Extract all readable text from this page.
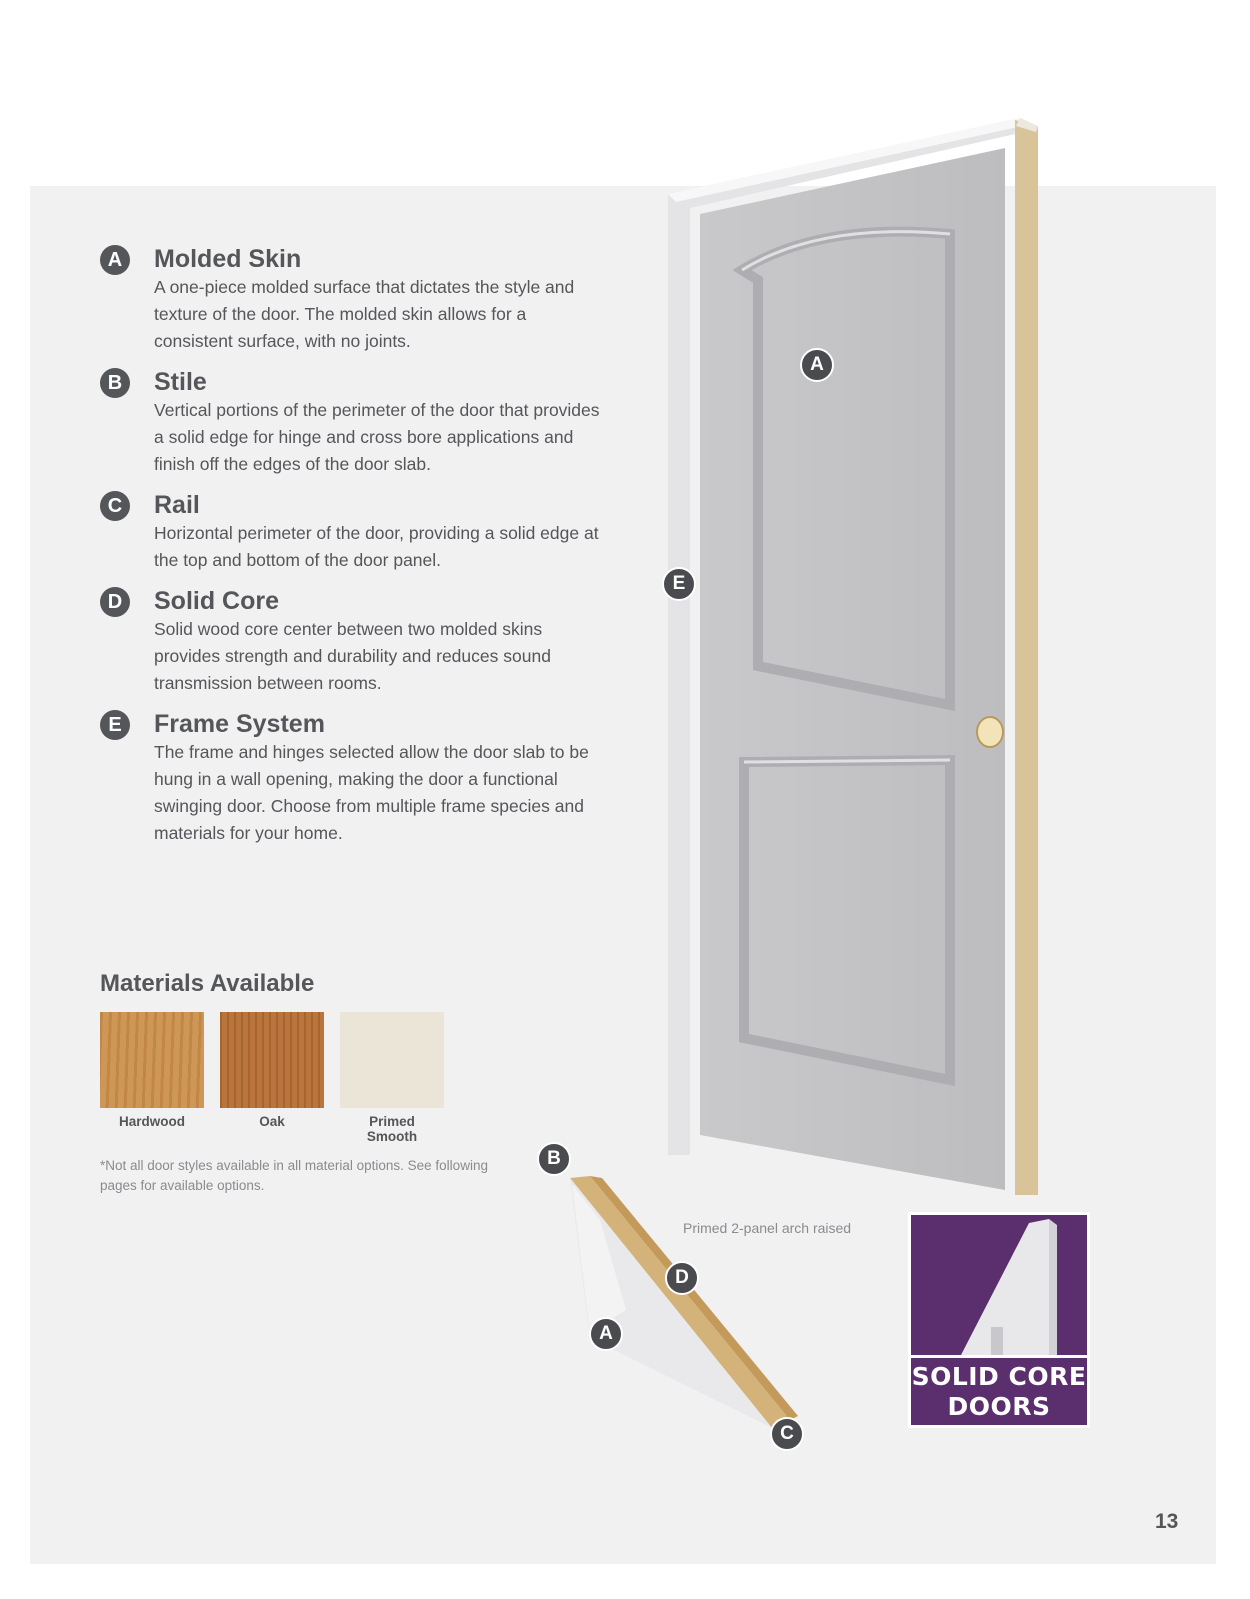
A	Molded Skin

A one-piece molded surface that dictates the style and texture of the door. The molded skin allows for a consistent surface, with no joints.

B	Stile

Vertical portions of the perimeter of the door that provides a solid edge for hinge and cross bore applications and finish off the edges of the door slab.

C	Rail

Horizontal perimeter of the door, providing a solid edge at the top and bottom of the door panel.

D	Solid Core

Solid wood core center between two molded skins provides strength and durability and reduces sound transmission between rooms.

E	Frame System

The frame and hinges selected allow the door slab to be hung in a wall opening, making the door a functional swinging door. Choose from multiple frame species and materials for your home.

Materials Available
Hardwood	Oak	Primed Smooth

*Not all door styles available in all material options. See following pages for available options.

A
E

Primed 2-panel arch raised

B
D
A
C
SOLID CORE
DOORS
13
